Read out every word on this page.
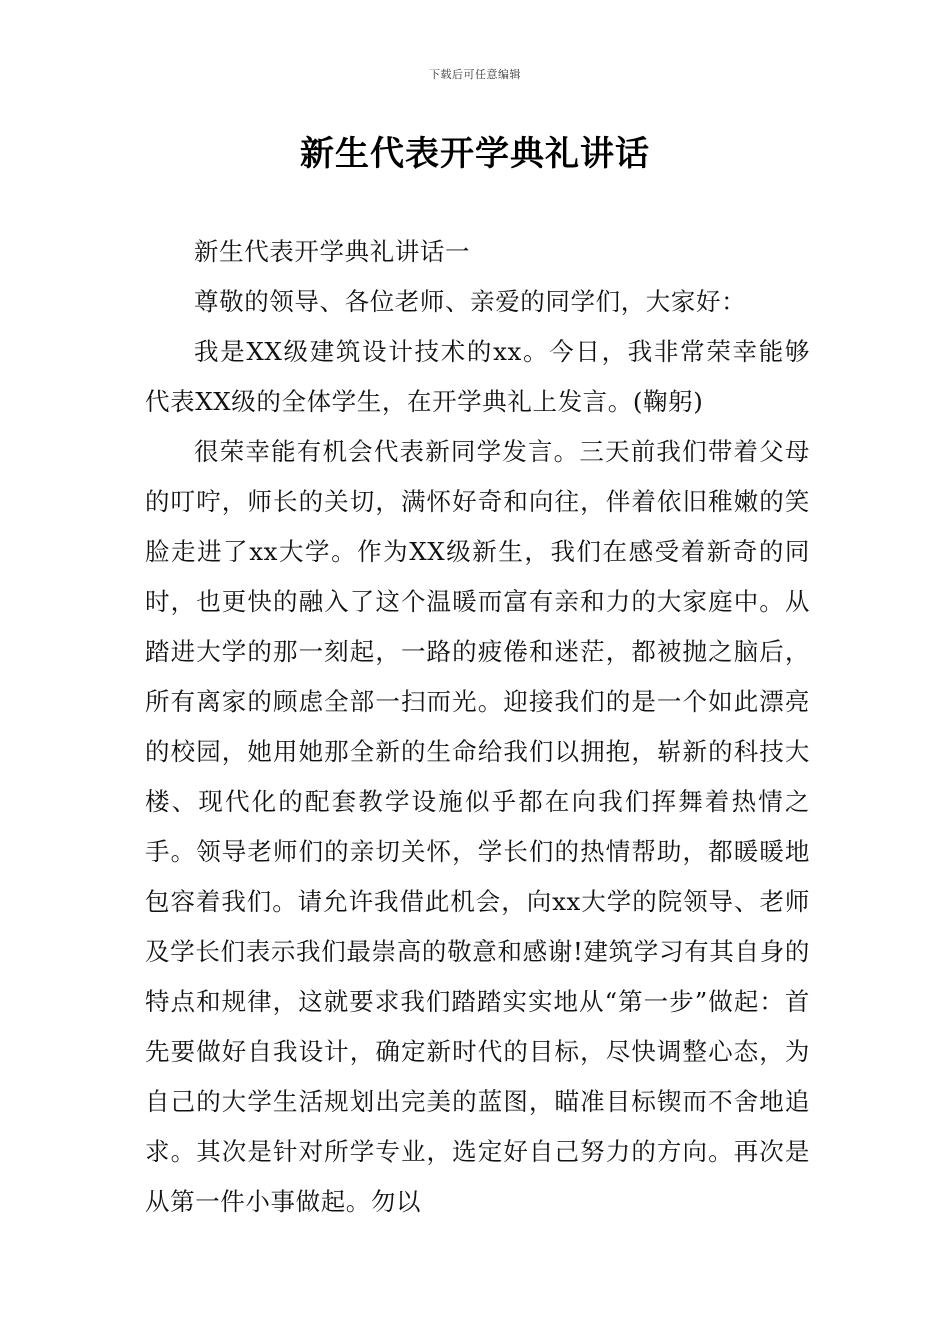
下载后可任意编辑
新生代表开学典礼讲话

新生代表开学典礼讲话一

尊敬的领导、各位老师、亲爱的同学们，大家好：

我是XX级建筑设计技术的xx。今日，我非常荣幸能够代表XX级的全体学生，在开学典礼上发言。(鞠躬)

很荣幸能有机会代表新同学发言。三天前我们带着父母的叮咛，师长的关切，满怀好奇和向往，伴着依旧稚嫩的笑脸走进了xx大学。作为XX级新生，我们在感受着新奇的同时，也更快的融入了这个温暖而富有亲和力的大家庭中。从踏进大学的那一刻起，一路的疲倦和迷茫，都被抛之脑后，所有离家的顾虑全部一扫而光。迎接我们的是一个如此漂亮的校园，她用她那全新的生命给我们以拥抱，崭新的科技大楼、现代化的配套教学设施似乎都在向我们挥舞着热情之手。领导老师们的亲切关怀，学长们的热情帮助，都暖暖地包容着我们。请允许我借此机会，向xx大学的院领导、老师及学长们表示我们最崇高的敬意和感谢!建筑学习有其自身的特点和规律，这就要求我们踏踏实实地从“第一步”做起：首先要做好自我设计，确定新时代的目标，尽快调整心态，为自己的大学生活规划出完美的蓝图，瞄准目标锲而不舍地追求。其次是针对所学专业，选定好自己努力的方向。再次是从第一件小事做起。勿以
